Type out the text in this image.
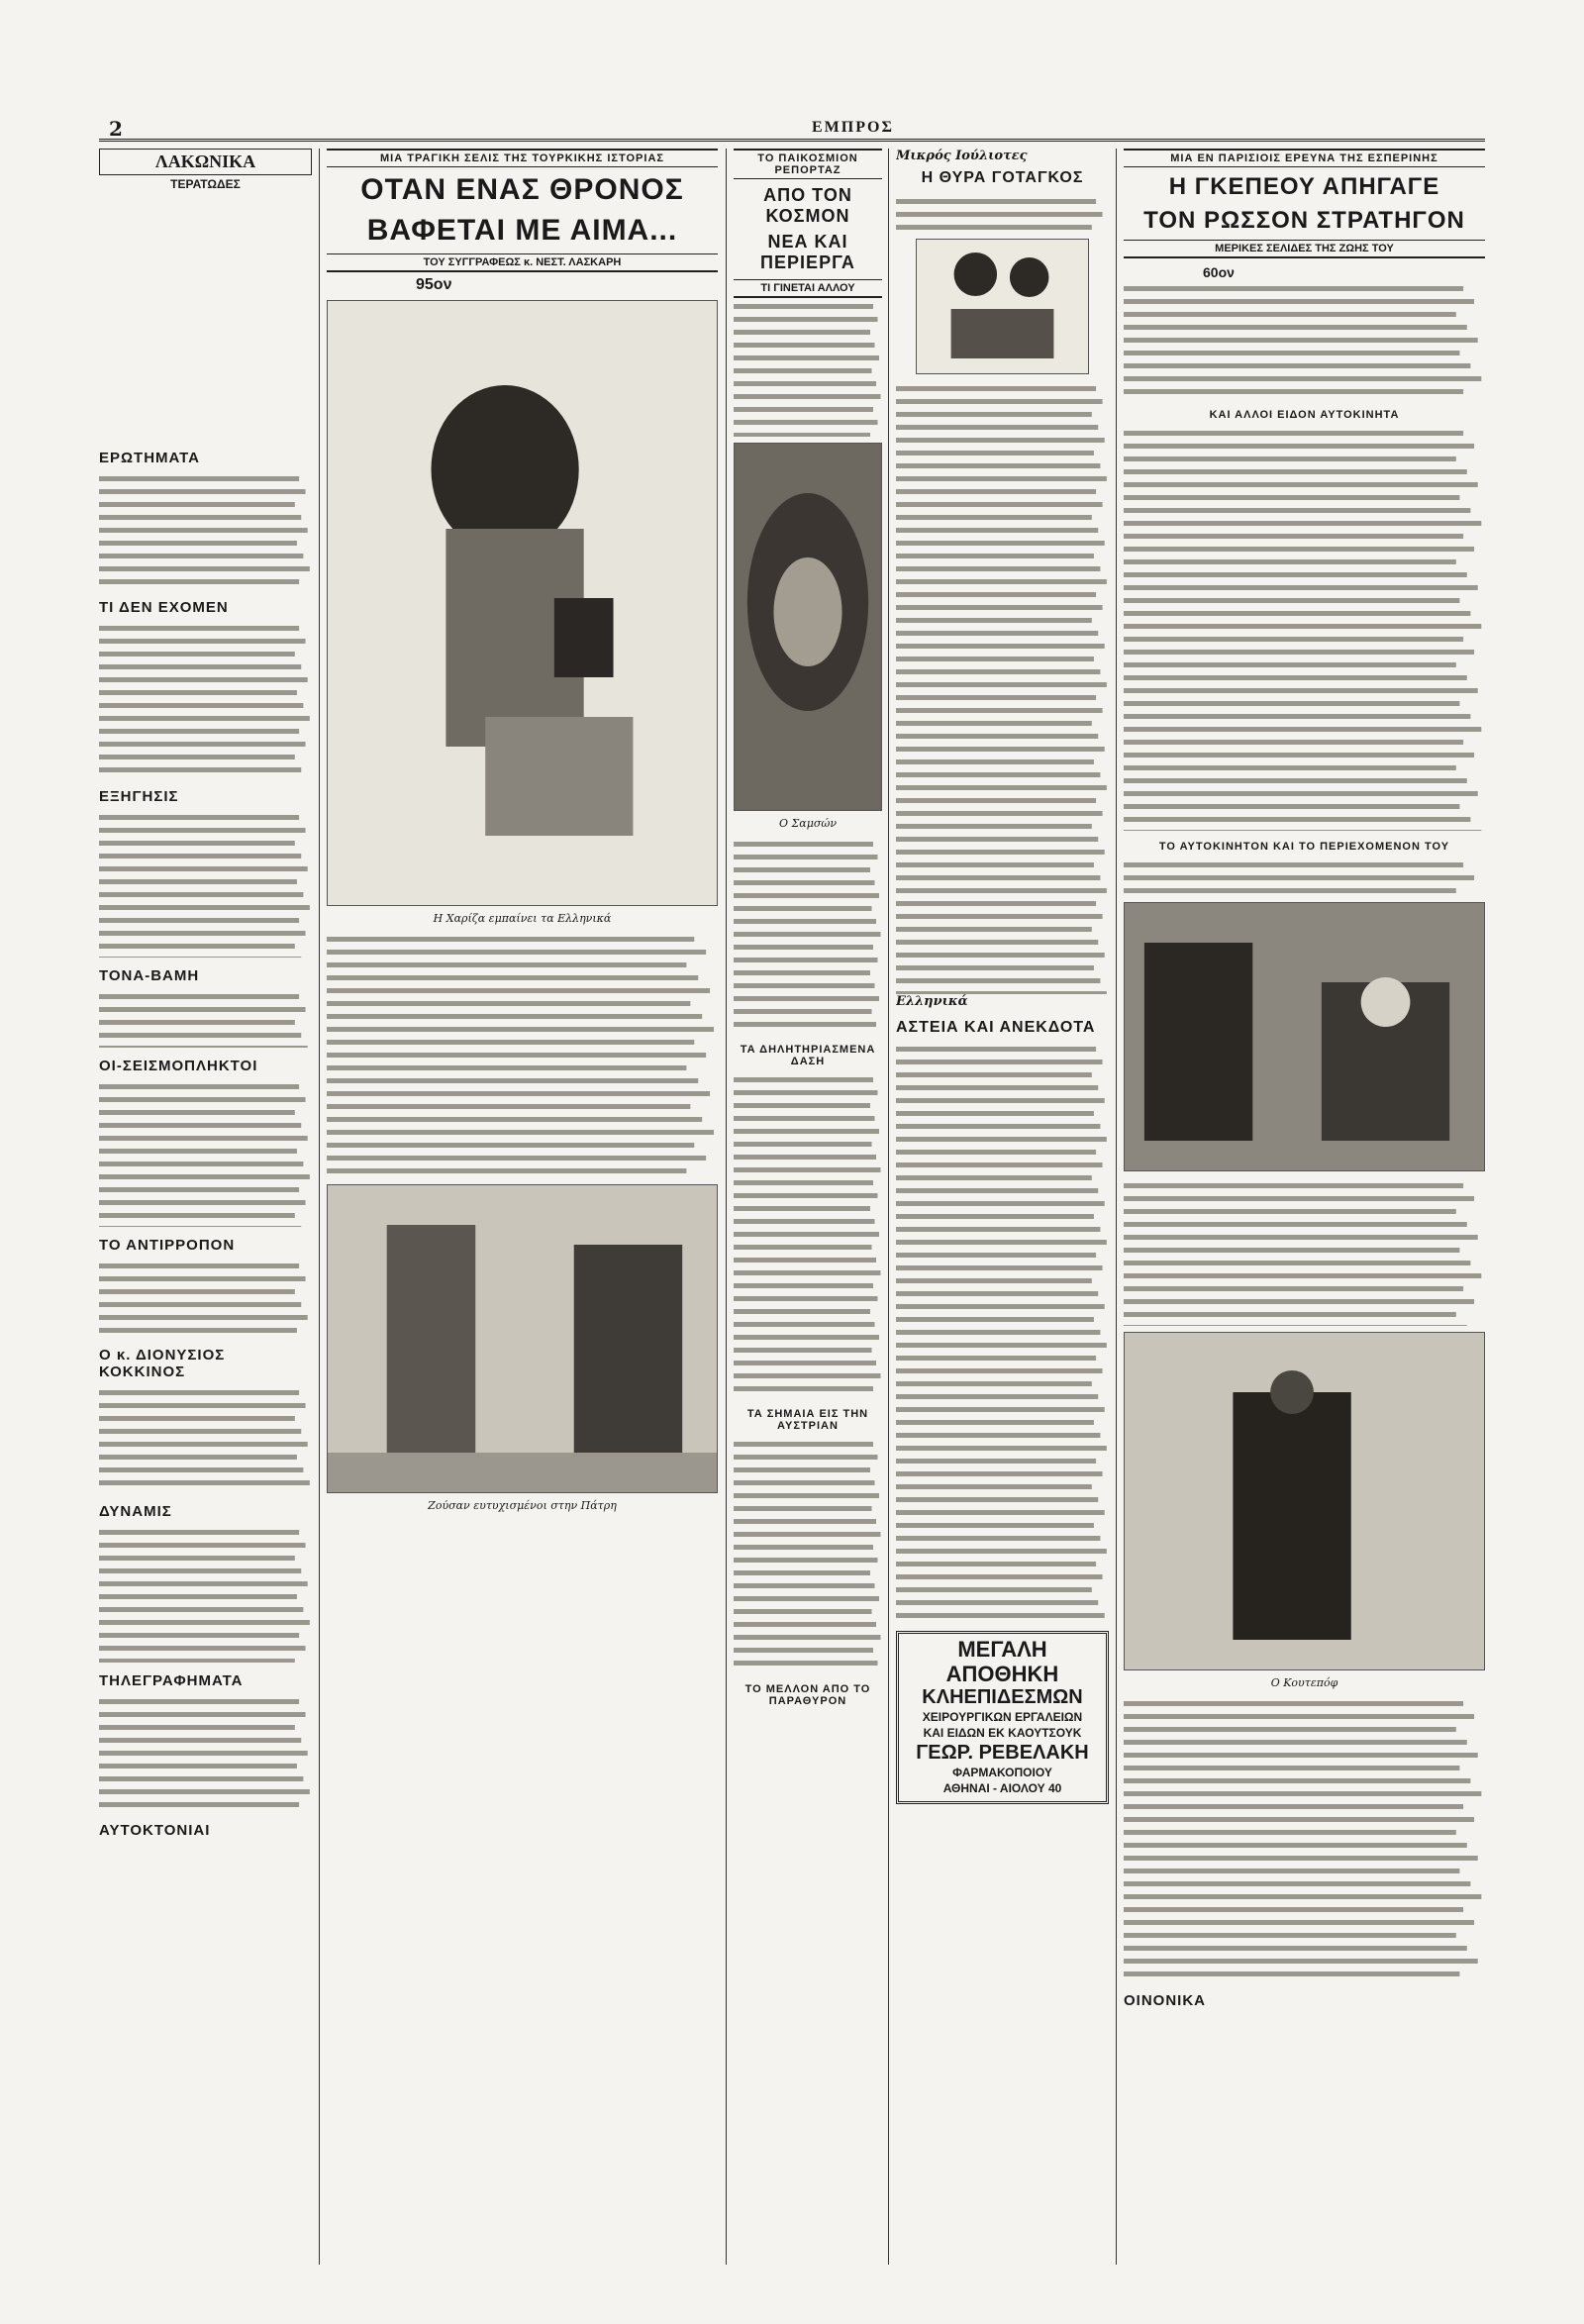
2	ΕΜΠΡΟΣ
ΛΑΚΩΝΙΚΑ
ΤΕΡΑΤΩΔΕΣ

ΕΡΩΤΗΜΑΤΑ
ΤΙ ΔΕΝ ΕΧΟΜΕΝ
ΕΞΗΓΗΣΙΣ
ΤΟΝΑ-ΒΑΜΗ
ΟΙ-ΣΕΙΣΜΟΠΛΗΚΤΟΙ
ΤΟ ΑΝΤΙΡΡΟΠΟΝ
Ο κ. ΔΙΟΝΥΣΙΟΣ ΚΟΚΚΙΝΟΣ
ΔΥΝΑΜΙΣ
ΤΗΛΕΓΡΑΦΗΜΑΤΑ
ΑΥΤΟΚΤΟΝΙΑΙ
ΜΙΑ ΤΡΑΓΙΚΗ ΣΕΛΙΣ ΤΗΣ ΤΟΥΡΚΙΚΗΣ ΙΣΤΟΡΙΑΣ
ΟΤΑΝ ΕΝΑΣ ΘΡΟΝΟΣ
ΒΑΦΕΤΑΙ ΜΕ ΑΙΜΑ...
ΤΟΥ ΣΥΓΓΡΑΦΕΩΣ κ. ΝΕΣΤ. ΛΑΣΚΑΡΗ
95ον
Η Χαρίζα εμπαίνει τα Ελληνικά
Ζούσαν ευτυχισμένοι στην Πάτρη
ΤΟ ΠΑΙΚΟΣΜΙΟΝ ΡΕΠΟΡΤΑΖ
ΑΠΟ ΤΟΝ ΚΟΣΜΟΝ
ΝΕΑ ΚΑΙ ΠΕΡΙΕΡΓΑ
ΤΙ ΓΙΝΕΤΑΙ ΑΛΛΟΥ
Ο Σαμσών
ΤΑ ΔΗΛΗΤΗΡΙΑΣΜΕΝΑ ΔΑΣΗ
ΤΑ ΣΗΜΑΙΑ ΕΙΣ ΤΗΝ ΑΥΣΤΡΙΑΝ
ΤΟ ΜΕΛΛΟΝ ΑΠΟ ΤΟ ΠΑΡΑΘΥΡΟΝ
Μικρός Ιούλιοτες
Η ΘΥΡΑ ΓΟΤΑΓΚΟΣ
Ελληνικά
ΑΣΤΕΙΑ ΚΑΙ ΑΝΕΚΔΟΤΑ
ΜΕΓΑΛΗ ΑΠΟΘΗΚΗ
ΚΛΗΕΠΙΔΕΣΜΩΝ
ΧΕΙΡΟΥΡΓΙΚΩΝ ΕΡΓΑΛΕΙΩΝ
ΚΑΙ ΕΙΔΩΝ ΕΚ ΚΑΟΥΤΣΟΥΚ
ΓΕΩΡ. ΡΕΒΕΛΑΚΗ
ΦΑΡΜΑΚΟΠΟΙΟΥ
ΑΘΗΝΑΙ - ΑΙΟΛΟΥ 40
ΜΙΑ ΕΝ ΠΑΡΙΣΙΟΙΣ ΕΡΕΥΝΑ ΤΗΣ ΕΣΠΕΡΙΝΗΣ
Η ΓΚΕΠΕΟΥ ΑΠΗΓΑΓΕ
ΤΟΝ ΡΩΣΣΟΝ ΣΤΡΑΤΗΓΟΝ
ΜΕΡΙΚΕΣ ΣΕΛΙΔΕΣ ΤΗΣ ΖΩΗΣ ΤΟΥ
60ον
ΚΑΙ ΑΛΛΟΙ ΕΙΔΟΝ ΑΥΤΟΚΙΝΗΤΑ
ΤΟ ΑΥΤΟΚΙΝΗΤΟΝ ΚΑΙ ΤΟ ΠΕΡΙΕΧΟΜΕΝΟΝ ΤΟΥ
Ο Κουτεπόφ
ΟΙΝΟΝΙΚΑ
